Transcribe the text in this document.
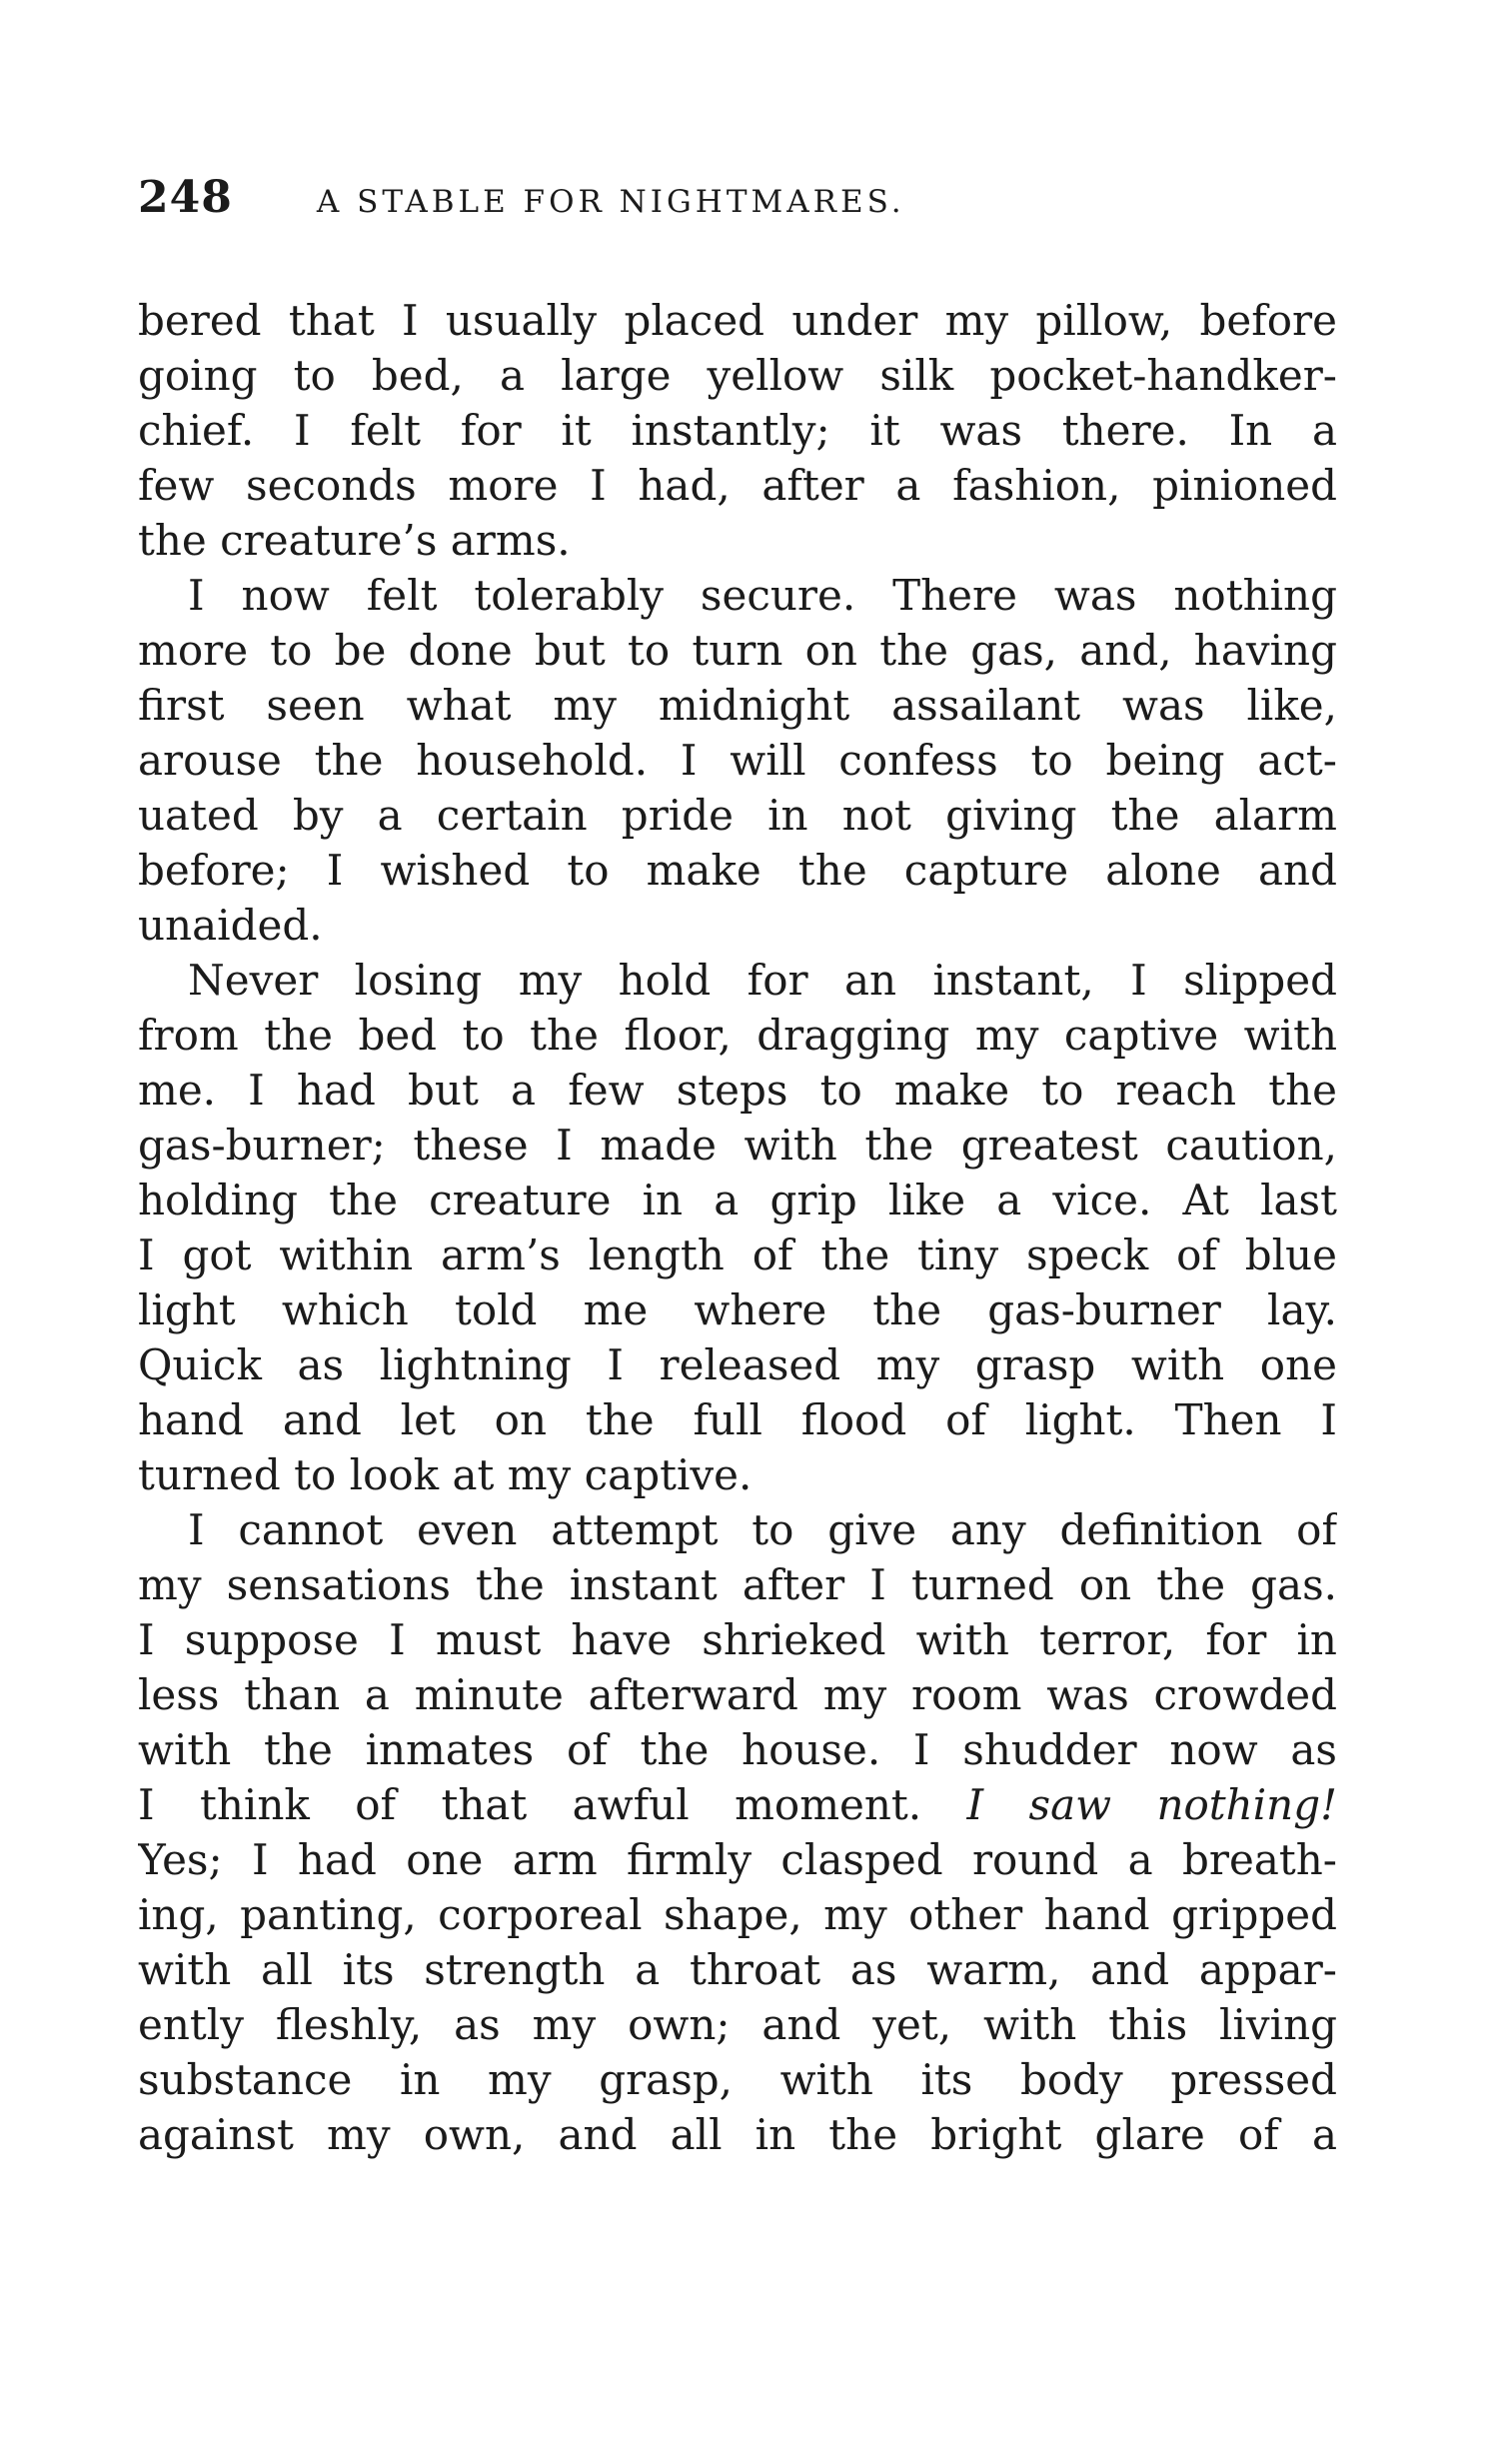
248	A STABLE FOR NIGHTMARES.
bered that I usually placed under my pillow, before
going to bed, a large yellow silk pocket-handker-
chief. I felt for it instantly; it was there. In a
few seconds more I had, after a fashion, pinioned
the creature’s arms.
I now felt tolerably secure. There was nothing
more to be done but to turn on the gas, and, having
first seen what my midnight assailant was like,
arouse the household. I will confess to being act-
uated by a certain pride in not giving the alarm
before; I wished to make the capture alone and
unaided.
Never losing my hold for an instant, I slipped
from the bed to the floor, dragging my captive with
me. I had but a few steps to make to reach the
gas-burner; these I made with the greatest caution,
holding the creature in a grip like a vice. At last
I got within arm’s length of the tiny speck of blue
light which told me where the gas-burner lay.
Quick as lightning I released my grasp with one
hand and let on the full flood of light. Then I
turned to look at my captive.
I cannot even attempt to give any definition of
my sensations the instant after I turned on the gas.
I suppose I must have shrieked with terror, for in
less than a minute afterward my room was crowded
with the inmates of the house. I shudder now as
I think of that awful moment. I saw nothing!
Yes; I had one arm firmly clasped round a breath-
ing, panting, corporeal shape, my other hand gripped
with all its strength a throat as warm, and appar-
ently fleshly, as my own; and yet, with this living
substance in my grasp, with its body pressed
against my own, and all in the bright glare of a
